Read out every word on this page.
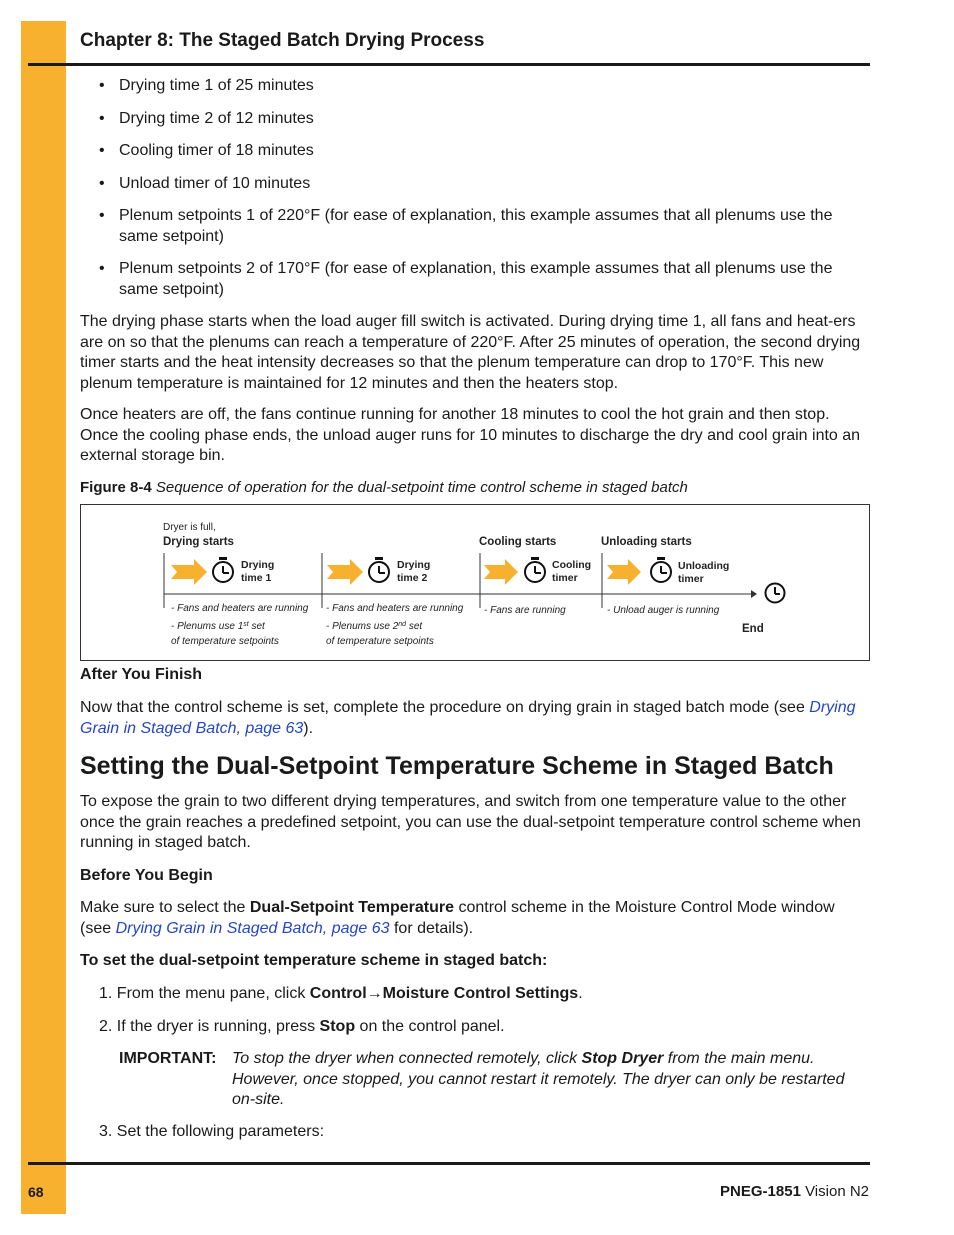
Chapter 8: The Staged Batch Drying Process
• Drying time 1 of 25 minutes
• Drying time 2 of 12 minutes
• Cooling timer of 18 minutes
• Unload timer of 10 minutes
• Plenum setpoints 1 of 220°F (for ease of explanation, this example assumes that all plenums use the same setpoint)
• Plenum setpoints 2 of 170°F (for ease of explanation, this example assumes that all plenums use the same setpoint)

The drying phase starts when the load auger fill switch is activated. During drying time 1, all fans and heat-ers are on so that the plenums can reach a temperature of 220°F. After 25 minutes of operation, the second drying timer starts and the heat intensity decreases so that the plenum temperature can drop to 170°F. This new plenum temperature is maintained for 12 minutes and then the heaters stop.

Once heaters are off, the fans continue running for another 18 minutes to cool the hot grain and then stop. Once the cooling phase ends, the unload auger runs for 10 minutes to discharge the dry and cool grain into an external storage bin.

Figure 8-4 Sequence of operation for the dual-setpoint time control scheme in staged batch
Dryer is full,
Drying starts
Drying
time 1
- Fans and heaters are running
- Plenums use 1st set
of temperature setpoints
Drying
time 2
- Fans and heaters are running
- Plenums use 2nd set
of temperature setpoints
Cooling starts
Cooling
timer
- Fans are running
Unloading starts
Unloading
timer
- Unload auger is running
End
After You Finish

Now that the control scheme is set, complete the procedure on drying grain in staged batch mode (see Drying Grain in Staged Batch, page 63).

Setting the Dual-Setpoint Temperature Scheme in Staged Batch

To expose the grain to two different drying temperatures, and switch from one temperature value to the other once the grain reaches a predefined setpoint, you can use the dual-setpoint temperature control scheme when running in staged batch.

Before You Begin

Make sure to select the Dual-Setpoint Temperature control scheme in the Moisture Control Mode window (see Drying Grain in Staged Batch, page 63 for details).

To set the dual-setpoint temperature scheme in staged batch:
1. From the menu pane, click Control→Moisture Control Settings.
2. If the dryer is running, press Stop on the control panel.
IMPORTANT: To stop the dryer when connected remotely, click Stop Dryer from the main menu. However, once stopped, you cannot restart it remotely. The dryer can only be restarted on-site.
3. Set the following parameters:
68	PNEG-1851 Vision N2
